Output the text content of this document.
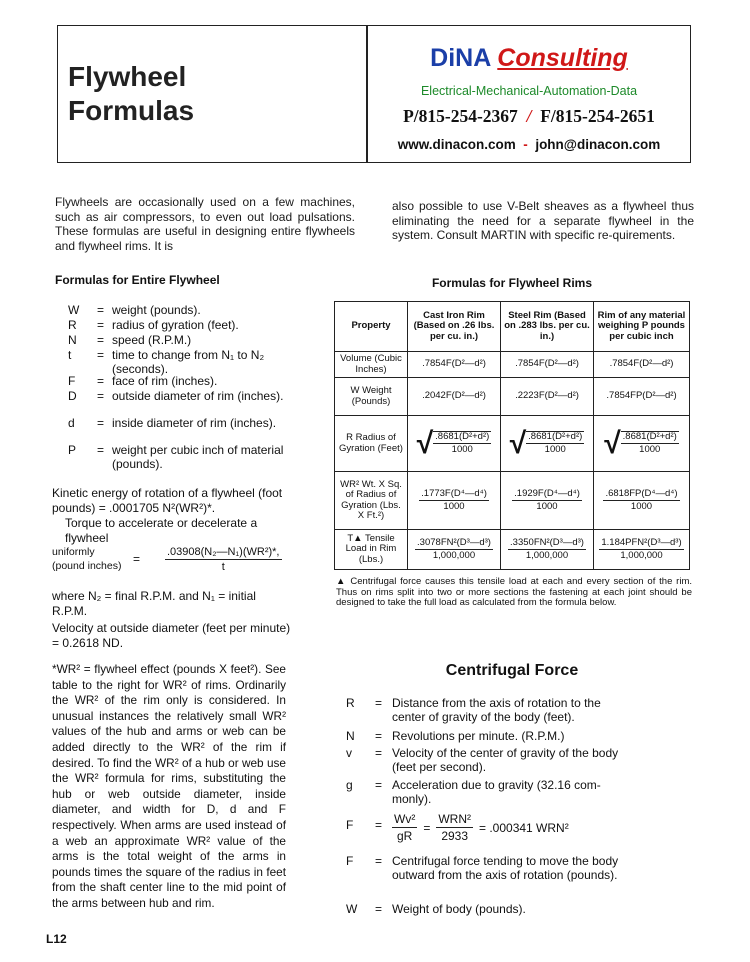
Flywheel
Formulas
DiNA Consulting
Electrical-Mechanical-Automation-Data
P/815-254-2367 / F/815-254-2651
www.dinacon.com - john@dinacon.com
Flywheels are occasionally used on a few machines, such as air compressors, to even out load pulsations. These formulas are useful in designing entire flywheels and flywheel rims. It is
also possible to use V-Belt sheaves as a flywheel thus eliminating the need for a separate flywheel in the system. Consult MARTIN with specific re-quirements.
Formulas for Entire Flywheel
W = weight (pounds).
R = radius of gyration (feet).
N = speed (R.P.M.)
t = time to change from N₁ to N₂ (seconds).
F = face of rim (inches).
D = outside diameter of rim (inches).
d = inside diameter of rim (inches).
P = weight per cubic inch of material (pounds).
Kinetic energy of rotation of a flywheel (foot pounds) = .0001705 N²(WR²)*.
Torque to accelerate or decelerate a flywheel
uniformly
(pound inches) = $\frac{\text{.03908(N₂—N₁)(WR²)*,}}{t}$
where N₂ = final R.P.M. and N₁ = initial R.P.M.
Velocity at outside diameter (feet per minute) = 0.2618 ND.
*WR² = flywheel effect (pounds X feet²). See table to the right for WR² of rims. Ordinarily the WR² of the rim only is considered. In unusual instances the relatively small WR² values of the hub and arms or web can be added directly to the WR² of the rim if desired. To find the WR² of a hub or web use the WR² formula for rims, substituting the hub or web outside diameter, inside diameter, and width for D, d and F respectively. When arms are used instead of a web an approximate WR² value of the arms is the total weight of the arms in pounds times the square of the radius in feet from the shaft center line to the mid point of the arms between hub and rim.
Formulas for Flywheel Rims
Property	Cast Iron Rim (Based on .26 lbs. per cu. in.)	Steel Rim (Based on .283 lbs. per cu. in.)	Rim of any material weighing P pounds per cubic inch
Volume (Cubic Inches)	.7854F(D²—d²)	.7854F(D²—d²)	.7854F(D²—d²)
W Weight (Pounds)	.2042F(D²—d²)	.2223F(D²—d²)	.7854FP(D²—d²)
R Radius of Gyration (Feet)	√ $\frac{\text{.8681(D²+d²)}}{1000}$	√ $\frac{\text{.8681(D²+d²)}}{1000}$	√ $\frac{\text{.8681(D²+d²)}}{1000}$

WR² Wt. X Sq. of Radius of Gyration (Lbs. X Ft.²)	$\frac{\text{.1773F(D⁴—d⁴)}}{1000}$	$\frac{\text{.1929F(D⁴—d⁴)}}{1000}$	$\frac{\text{.6818FP(D⁴—d⁴)}}{1000}$

T▲ Tensile Load in Rim (Lbs.)	$\frac{\text{.3078FN²(D³—d³)}}{1,000,000}$	$\frac{\text{.3350FN²(D³—d³)}}{1,000,000}$	$\frac{\text{1.184PFN²(D³—d³)}}{1,000,000}$
▲ Centrifugal force causes this tensile load at each and every section of the rim. Thus on rims split into two or more sections the fastening at each joint should be designed to take the full load as calculated from the formula below.
Centrifugal Force
R = Distance from the axis of rotation to the center of gravity of the body (feet).
N = Revolutions per minute. (R.P.M.)
v = Velocity of the center of gravity of the body (feet per second).
g = Acceleration due to gravity (32.16 com-monly).
F =
F = Centrifugal force tending to move the body outward from the axis of rotation (pounds).
W = Weight of body (pounds).
$\frac{\text{Wv²}}{gR} = \frac{\text{WRN²}}{2933} = .000341$ WRN²
L12
